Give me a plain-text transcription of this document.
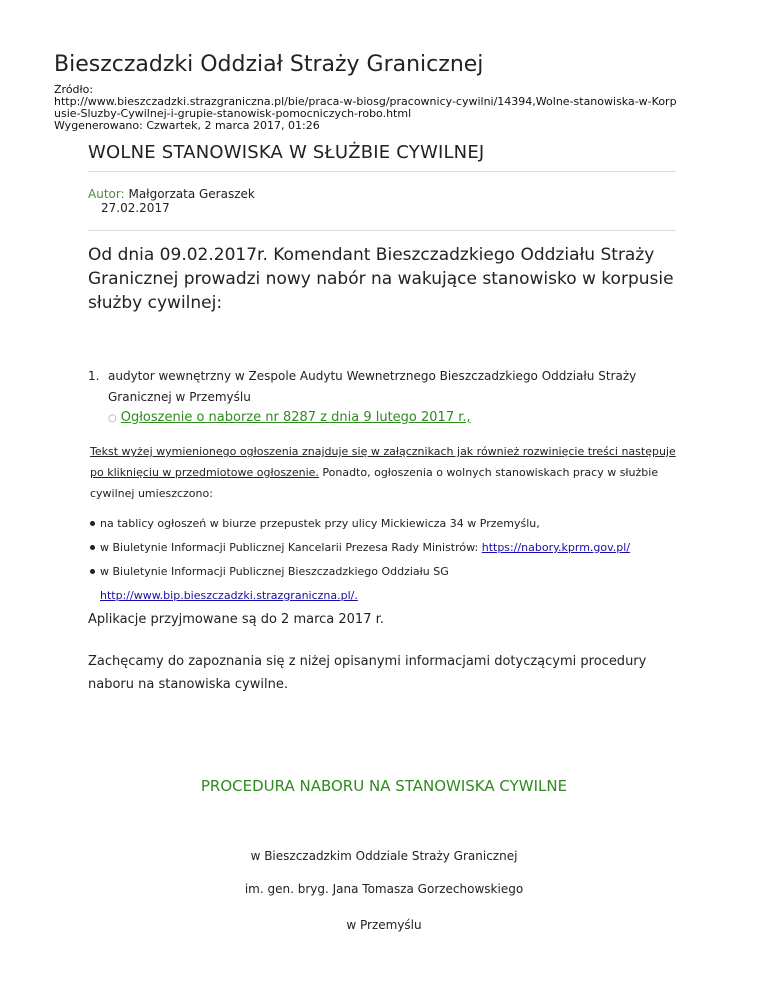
Bieszczadzki Oddział Straży Granicznej
Źródło:
http://www.bieszczadzki.strazgraniczna.pl/bie/praca-w-biosg/pracownicy-cywilni/14394,Wolne-stanowiska-w-Korp
usie-Sluzby-Cywilnej-i-grupie-stanowisk-pomocniczych-robo.html
Wygenerowano: Czwartek, 2 marca 2017, 01:26
WOLNE STANOWISKA W SŁUŻBIE CYWILNEJ
Autor: Małgorzata Geraszek
27.02.2017
Od dnia 09.02.2017r. Komendant Bieszczadzkiego Oddziału Straży Granicznej prowadzi nowy nabór na wakujące stanowisko w korpusie służby cywilnej:
1. audytor wewnętrzny w Zespole Audytu Wewnetrznego Bieszczadzkiego Oddziału Straży Granicznej w Przemyślu
○ Ogłoszenie o naborze nr 8287 z dnia 9 lutego 2017 r.,
Tekst wyżej wymienionego ogłoszenia znajduje się w załącznikach jak również rozwinięcie treści następuje po kliknięciu w przedmiotowe ogłoszenie. Ponadto, ogłoszenia o wolnych stanowiskach pracy w służbie cywilnej umieszczono:
na tablicy ogłoszeń w biurze przepustek przy ulicy Mickiewicza 34 w Przemyślu,
w Biuletynie Informacji Publicznej Kancelarii Prezesa Rady Ministrów: https://nabory.kprm.gov.pl/
w Biuletynie Informacji Publicznej Bieszczadzkiego Oddziału SG
http://www.bip.bieszczadzki.strazgraniczna.pl/.
Aplikacje przyjmowane są do 2 marca 2017 r.
Zachęcamy do zapoznania się z niżej opisanymi informacjami dotyczącymi procedury naboru na stanowiska cywilne.
PROCEDURA NABORU NA STANOWISKA CYWILNE
w Bieszczadzkim Oddziale Straży Granicznej
im. gen. bryg. Jana Tomasza Gorzechowskiego
w Przemyślu
